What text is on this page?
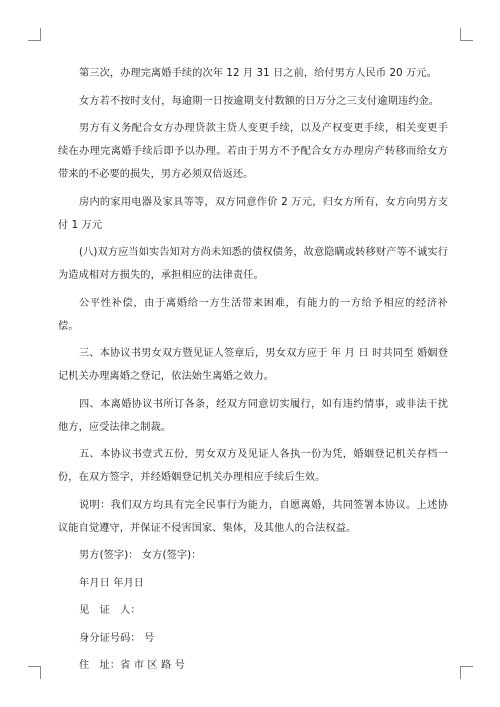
第三次，办理完离婚手续的次年 12 月 31 日之前，给付男方人民币 20 万元。

女方若不按时支付，每逾期一日按逾期支付数额的日万分之三支付逾期违约金。

男方有义务配合女方办理贷款主贷人变更手续，以及产权变更手续，相关变更手续在办理完离婚手续后即予以办理。若由于男方不予配合女方办理房产转移而给女方带来的不必要的损失，男方必须双倍返还。

房内的家用电器及家具等等，双方同意作价 2 万元，归女方所有，女方向男方支付 1 万元

(八)双方应当如实告知对方尚未知悉的债权债务，故意隐瞒或转移财产等不诚实行为造成相对方损失的，承担相应的法律责任。

公平性补偿，由于离婚给一方生活带来困难，有能力的一方给予相应的经济补偿。

三、本协议书男女双方暨见证人签章后，男女双方应于 年 月 日 时共同至 婚姻登记机关办理离婚之登记，依法始生离婚之效力。

四、本离婚协议书所订各条，经双方同意切实履行，如有违约情事，或非法干扰他方，应受法律之制裁。

五、本协议书壹式五份，男女双方及见证人各执一份为凭，婚姻登记机关存档一份，在双方签字，并经婚姻登记机关办理相应手续后生效。

说明：我们双方均具有完全民事行为能力，自愿离婚，共同签署本协议。上述协议能自觉遵守，并保证不侵害国家、集体，及其他人的合法权益。

男方(签字)： 女方(签字)：

年月日 年月日

见　证　人：

身分证号码： 号

住　址：省 市 区 路 号
